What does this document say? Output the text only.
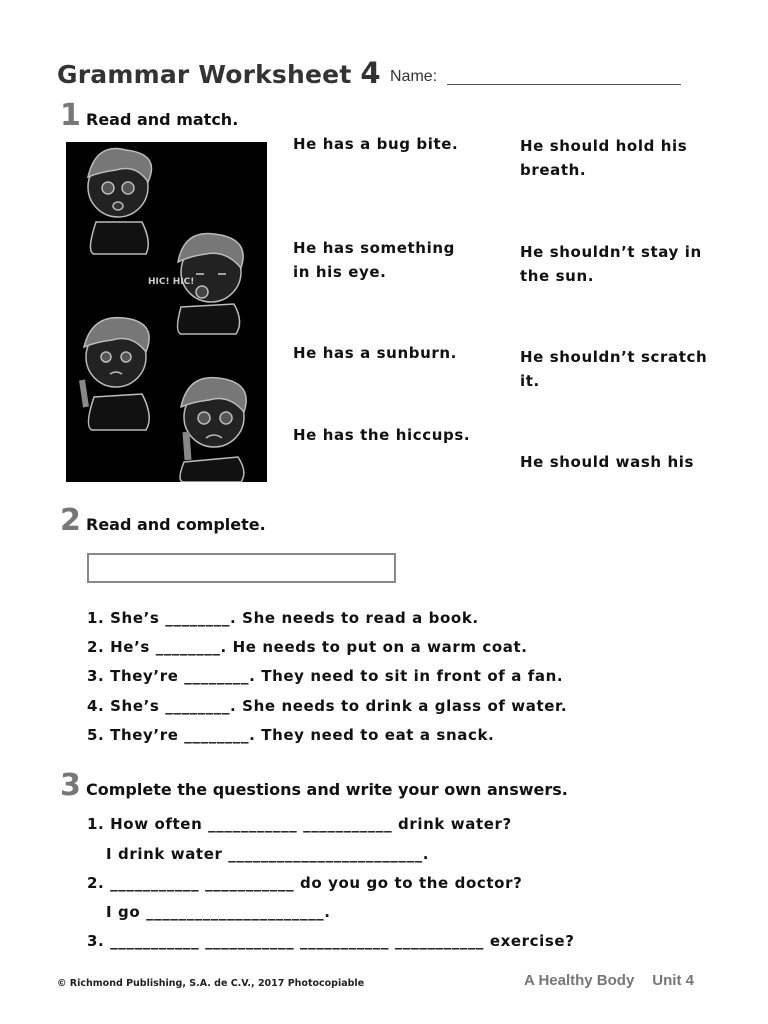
Grammar Worksheet 4 Name:
1 Read and match.
HIC! HIC!
He has a bug bite.
He has something in his eye.
He has a sunburn.
He has the hiccups.
He should hold his breath.
He shouldn’t stay in the sun.
He shouldn’t scratch it.
He should wash his
2 Read and complete.
1. She’s ________. She needs to read a book.
2. He’s ________. He needs to put on a warm coat.
3. They’re ________. They need to sit in front of a fan.
4. She’s ________. She needs to drink a glass of water.
5. They’re ________. They need to eat a snack.
3 Complete the questions and write your own answers.
1. How often ___________ ___________ drink water?
I drink water ________________________.
2. ___________ ___________ do you go to the doctor?
I go ______________________.
3. ___________ ___________ ___________ ___________ exercise?
© Richmond Publishing, S.A. de C.V., 2017 Photocopiable	A Healthy Body Unit 4
